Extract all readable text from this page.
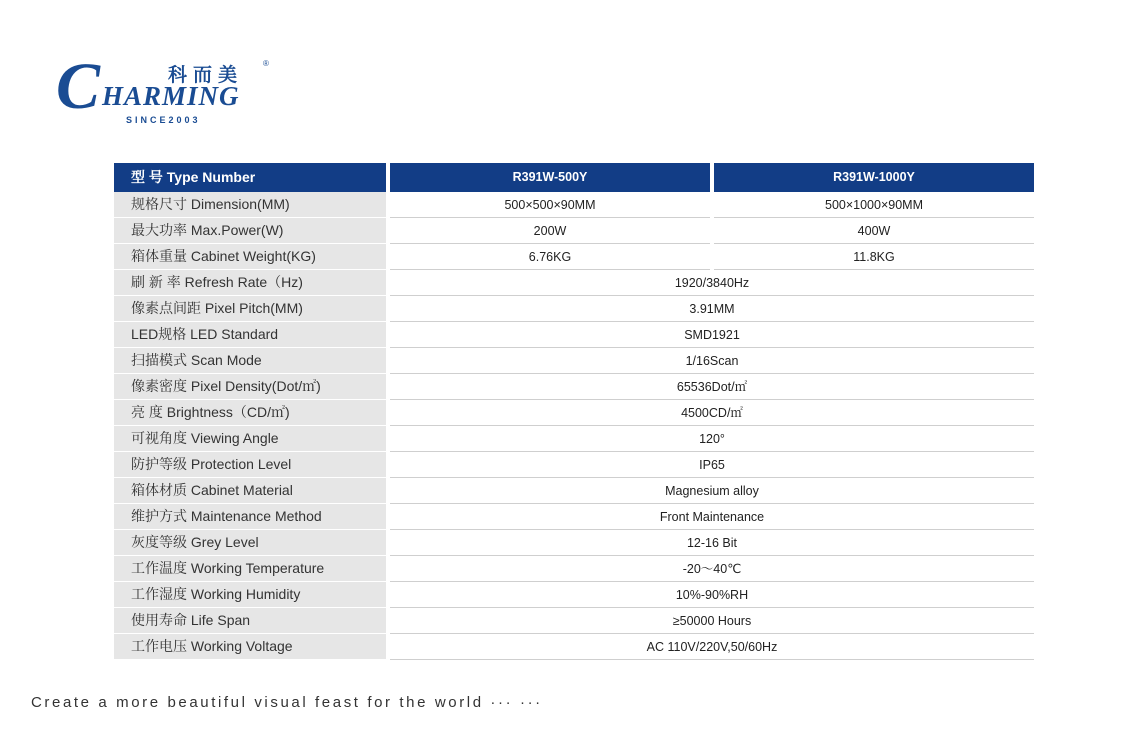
科而美
®
C HARMING
SINCE2003
型 号 Type Number	R391W-500Y	R391W-1000Y
规格尺寸 Dimension(MM)	500×500×90MM	500×1000×90MM
最大功率 Max.Power(W)	200W	400W
箱体重量 Cabinet Weight(KG)	6.76KG	11.8KG
刷 新 率 Refresh Rate（Hz)	1920/3840Hz
像素点间距 Pixel Pitch(MM)	3.91MM
LED规格 LED Standard	SMD1921
扫描模式 Scan Mode	1/16Scan
像素密度 Pixel Density(Dot/㎡)	65536Dot/㎡
亮 度 Brightness（CD/㎡)	4500CD/㎡
可视角度 Viewing Angle	120°
防护等级 Protection Level	IP65
箱体材质 Cabinet Material	Magnesium alloy
维护方式 Maintenance Method	Front Maintenance
灰度等级 Grey Level	12-16 Bit
工作温度 Working Temperature	-20～40℃
工作湿度 Working Humidity	10%-90%RH
使用寿命 Life Span	≥50000 Hours
工作电压 Working Voltage	AC 110V/220V,50/60Hz
Create a more beautiful visual feast for the world ··· ···
